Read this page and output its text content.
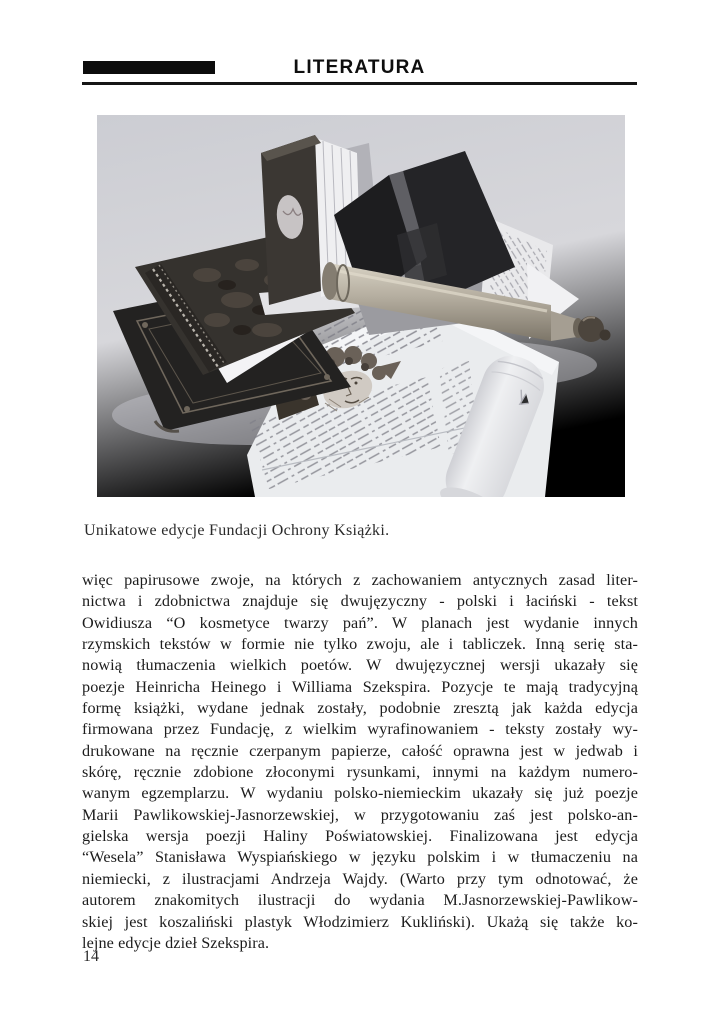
LITERATURA
Unikatowe edycje Fundacji Ochrony Książki.
więc papirusowe zwoje, na których z zachowaniem antycznych zasad liter-
nictwa i zdobnictwa znajduje się dwujęzyczny - polski i łaciński - tekst
Owidiusza “O kosmetyce twarzy pań”. W planach jest wydanie innych
rzymskich tekstów w formie nie tylko zwoju, ale i tabliczek. Inną serię sta-
nowią tłumaczenia wielkich poetów. W dwujęzycznej wersji ukazały się
poezje Heinricha Heinego i Williama Szekspira. Pozycje te mają tradycyjną
formę książki, wydane jednak zostały, podobnie zresztą jak każda edycja
firmowana przez Fundację, z wielkim wyrafinowaniem - teksty zostały wy-
drukowane na ręcznie czerpanym papierze, całość oprawna jest w jedwab i
skórę, ręcznie zdobione złoconymi rysunkami, innymi na każdym numero-
wanym egzemplarzu. W wydaniu polsko-niemieckim ukazały się już poezje
Marii Pawlikowskiej-Jasnorzewskiej, w przygotowaniu zaś jest polsko-an-
gielska wersja poezji Haliny Poświatowskiej. Finalizowana jest edycja
“Wesela” Stanisława Wyspiańskiego w języku polskim i w tłumaczeniu na
niemiecki, z ilustracjami Andrzeja Wajdy. (Warto przy tym odnotować, że
autorem znakomitych ilustracji do wydania M.Jasnorzewskiej-Pawlikow-
skiej jest koszaliński plastyk Włodzimierz Kukliński). Ukażą się także ko-
lejne edycje dzieł Szekspira.
14
